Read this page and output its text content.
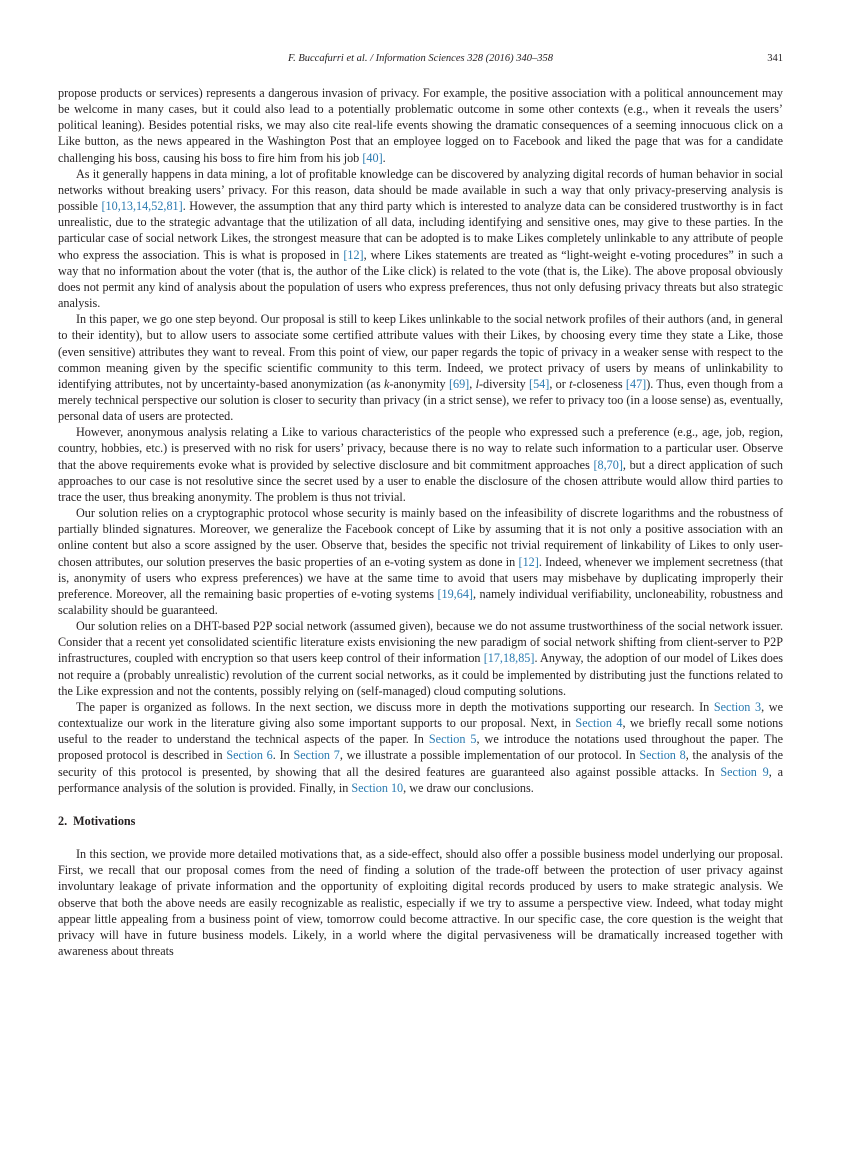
F. Buccafurri et al. / Information Sciences 328 (2016) 340–358	341

propose products or services) represents a dangerous invasion of privacy. For example, the positive association with a political announcement may be welcome in many cases, but it could also lead to a potentially problematic outcome in some other contexts (e.g., when it reveals the users’ political leaning). Besides potential risks, we may also cite real-life events showing the dramatic consequences of a seeming innocuous click on a Like button, as the news appeared in the Washington Post that an employee logged on to Facebook and liked the page that was for a candidate challenging his boss, causing his boss to fire him from his job [40].

As it generally happens in data mining, a lot of profitable knowledge can be discovered by analyzing digital records of human behavior in social networks without breaking users’ privacy. For this reason, data should be made available in such a way that only privacy-preserving analysis is possible [10,13,14,52,81]. However, the assumption that any third party which is interested to analyze data can be considered trustworthy is in fact unrealistic, due to the strategic advantage that the utilization of all data, including identifying and sensitive ones, may give to these parties. In the particular case of social network Likes, the strongest measure that can be adopted is to make Likes completely unlinkable to any attribute of people who express the association. This is what is proposed in [12], where Likes statements are treated as “light-weight e-voting procedures” in such a way that no information about the voter (that is, the author of the Like click) is related to the vote (that is, the Like). The above proposal obviously does not permit any kind of analysis about the population of users who express preferences, thus not only defusing privacy threats but also strategic analysis.

In this paper, we go one step beyond. Our proposal is still to keep Likes unlinkable to the social network profiles of their authors (and, in general to their identity), but to allow users to associate some certified attribute values with their Likes, by choosing every time they state a Like, those (even sensitive) attributes they want to reveal. From this point of view, our paper regards the topic of privacy in a weaker sense with respect to the common meaning given by the specific scientific community to this term. Indeed, we protect privacy of users by means of unlinkability to identifying attributes, not by uncertainty-based anonymization (as k-anonymity [69], l-diversity [54], or t-closeness [47]). Thus, even though from a merely technical perspective our solution is closer to security than privacy (in a strict sense), we refer to privacy too (in a loose sense) as, eventually, personal data of users are protected.

However, anonymous analysis relating a Like to various characteristics of the people who expressed such a preference (e.g., age, job, region, country, hobbies, etc.) is preserved with no risk for users’ privacy, because there is no way to relate such information to a particular user. Observe that the above requirements evoke what is provided by selective disclosure and bit commitment approaches [8,70], but a direct application of such approaches to our case is not resolutive since the secret used by a user to enable the disclosure of the chosen attribute would allow third parties to trace the user, thus breaking anonymity. The problem is thus not trivial.

Our solution relies on a cryptographic protocol whose security is mainly based on the infeasibility of discrete logarithms and the robustness of partially blinded signatures. Moreover, we generalize the Facebook concept of Like by assuming that it is not only a positive association with an online content but also a score assigned by the user. Observe that, besides the specific not trivial requirement of linkability of Likes to only user-chosen attributes, our solution preserves the basic properties of an e-voting system as done in [12]. Indeed, whenever we implement secretness (that is, anonymity of users who express preferences) we have at the same time to avoid that users may misbehave by duplicating improperly their preference. Moreover, all the remaining basic properties of e-voting systems [19,64], namely individual verifiability, uncloneability, robustness and scalability should be guaranteed.

Our solution relies on a DHT-based P2P social network (assumed given), because we do not assume trustworthiness of the social network issuer. Consider that a recent yet consolidated scientific literature exists envisioning the new paradigm of social network shifting from client-server to P2P infrastructures, coupled with encryption so that users keep control of their information [17,18,85]. Anyway, the adoption of our model of Likes does not require a (probably unrealistic) revolution of the current social networks, as it could be implemented by distributing just the functions related to the Like expression and not the contents, possibly relying on (self-managed) cloud computing solutions.

The paper is organized as follows. In the next section, we discuss more in depth the motivations supporting our research. In Section 3, we contextualize our work in the literature giving also some important supports to our proposal. Next, in Section 4, we briefly recall some notions useful to the reader to understand the technical aspects of the paper. In Section 5, we introduce the notations used throughout the paper. The proposed protocol is described in Section 6. In Section 7, we illustrate a possible implementation of our protocol. In Section 8, the analysis of the security of this protocol is presented, by showing that all the desired features are guaranteed also against possible attacks. In Section 9, a performance analysis of the solution is provided. Finally, in Section 10, we draw our conclusions.

2. Motivations

In this section, we provide more detailed motivations that, as a side-effect, should also offer a possible business model underlying our proposal. First, we recall that our proposal comes from the need of finding a solution of the trade-off between the protection of user privacy against involuntary leakage of private information and the opportunity of exploiting digital records produced by users to make strategic analysis. We observe that both the above needs are easily recognizable as realistic, especially if we try to assume a perspective view. Indeed, what today might appear little appealing from a business point of view, tomorrow could become attractive. In our specific case, the core question is the weight that privacy will have in future business models. Likely, in a world where the digital pervasiveness will be dramatically increased together with awareness about threats
